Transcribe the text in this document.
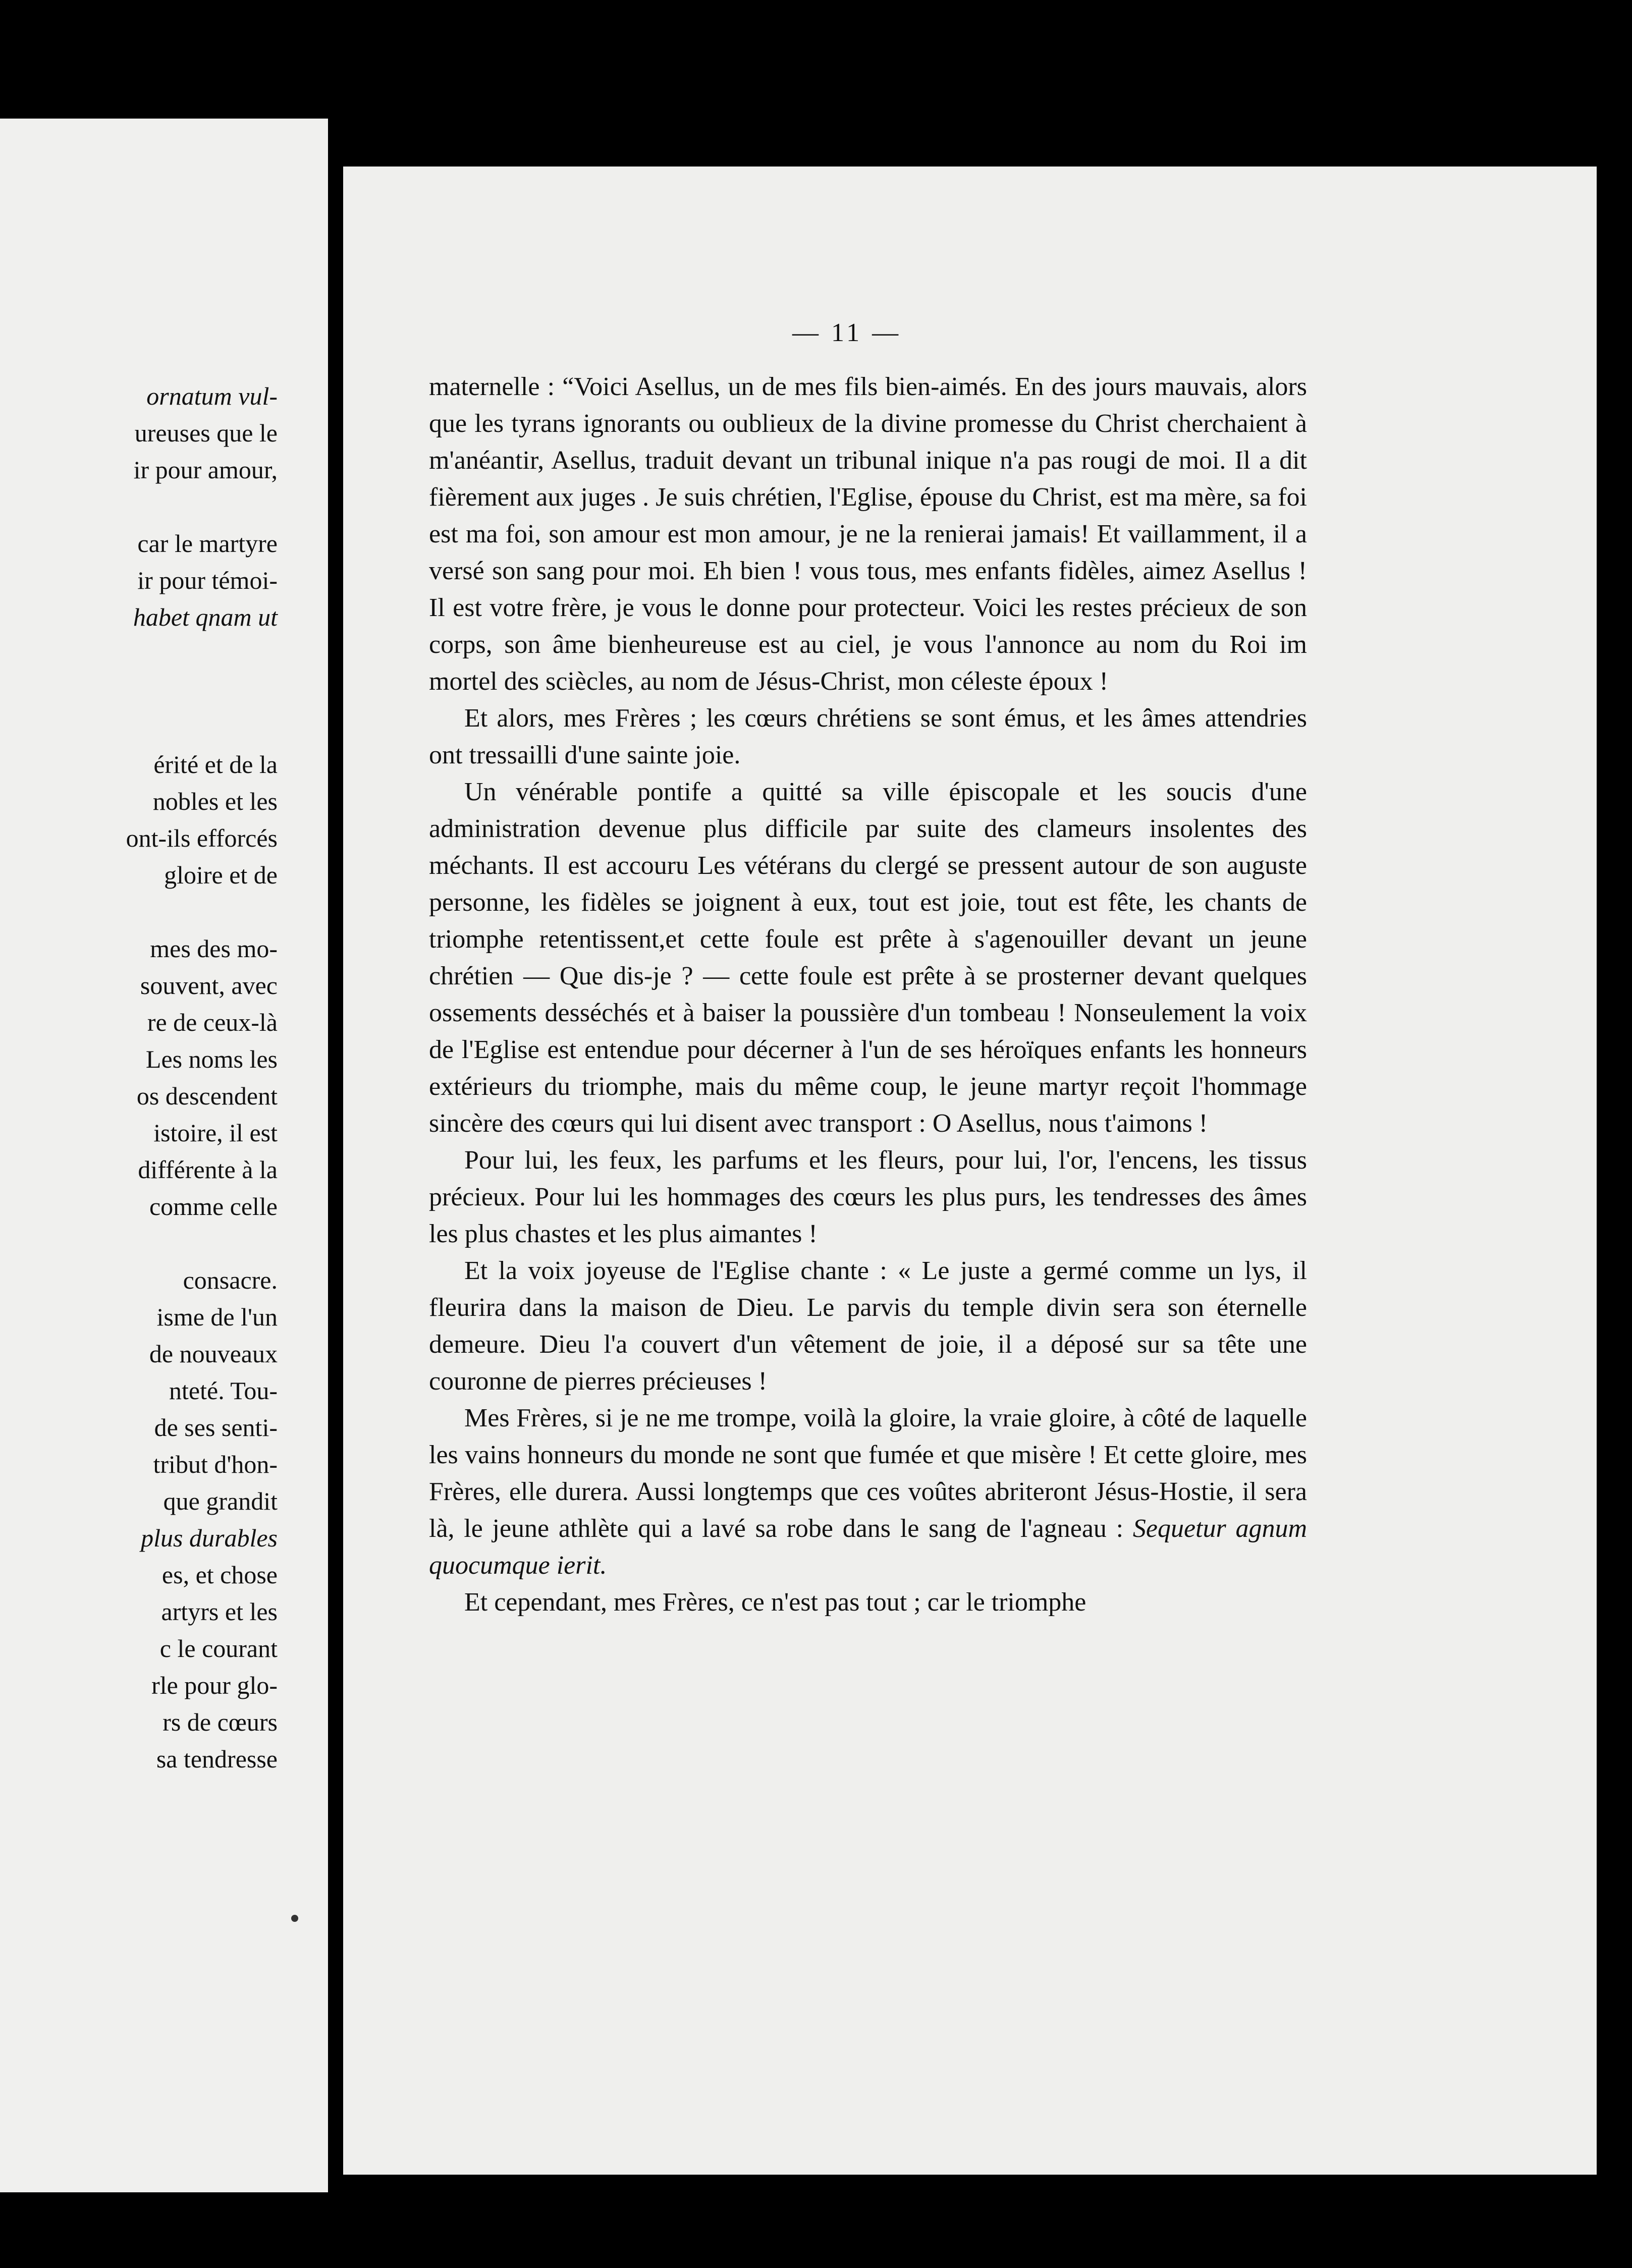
ornatum vul-
ureuses que le
ir pour amour,
car le martyre
ir pour témoi-
habet qnam ut
érité et de la
nobles et les
ont-ils efforcés
gloire et de
mes des mo-
souvent, avec
re de ceux-là
Les noms les
os descendent
istoire, il est
différente à la
comme celle
consacre.
isme de l'un
de nouveaux
nteté. Tou-
de ses senti-
tribut d'hon-
que grandit
plus durables
es, et chose
artyrs et les
c le courant
rle pour glo-
rs de cœurs
sa tendresse
— 11 —

maternelle : “Voici Asellus, un de mes fils bien-aimés. En des jours mauvais, alors que les tyrans ignorants ou oublieux de la divine promesse du Christ cherchaient à m'anéantir, Asellus, traduit devant un tribunal inique n'a pas rougi de moi. Il a dit fièrement aux juges . Je suis chrétien, l'Eglise, épouse du Christ, est ma mère, sa foi est ma foi, son amour est mon amour, je ne la renierai jamais! Et vaillamment, il a versé son sang pour moi. Eh bien ! vous tous, mes enfants fidèles, aimez Asellus ! Il est votre frère, je vous le donne pour protecteur. Voici les restes précieux de son corps, son âme bienheureuse est au ciel, je vous l'annonce au nom du Roi im mortel des sciècles, au nom de Jésus-Christ, mon céleste époux !

Et alors, mes Frères ; les cœurs chrétiens se sont émus, et les âmes attendries ont tressailli d'une sainte joie.

Un vénérable pontife a quitté sa ville épiscopale et les soucis d'une administration devenue plus difficile par suite des clameurs insolentes des méchants. Il est accouru Les vétérans du clergé se pressent autour de son auguste personne, les fidèles se joignent à eux, tout est joie, tout est fête, les chants de triomphe retentissent,et cette foule est prête à s'agenouiller devant un jeune chrétien — Que dis-je ? — cette foule est prête à se prosterner devant quelques ossements desséchés et à baiser la poussière d'un tombeau ! Nonseulement la voix de l'Eglise est entendue pour décerner à l'un de ses héroïques enfants les honneurs extérieurs du triomphe, mais du même coup, le jeune martyr reçoit l'hommage sincère des cœurs qui lui disent avec transport : O Asellus, nous t'aimons !

Pour lui, les feux, les parfums et les fleurs, pour lui, l'or, l'encens, les tissus précieux. Pour lui les hommages des cœurs les plus purs, les tendresses des âmes les plus chastes et les plus aimantes !

Et la voix joyeuse de l'Eglise chante : « Le juste a germé comme un lys, il fleurira dans la maison de Dieu. Le parvis du temple divin sera son éternelle demeure. Dieu l'a couvert d'un vêtement de joie, il a déposé sur sa tête une couronne de pierres précieuses !

Mes Frères, si je ne me trompe, voilà la gloire, la vraie gloire, à côté de laquelle les vains honneurs du monde ne sont que fumée et que misère ! Et cette gloire, mes Frères, elle durera. Aussi longtemps que ces voûtes abriteront Jésus-Hostie, il sera là, le jeune athlète qui a lavé sa robe dans le sang de l'agneau : Sequetur agnum quocumque ierit.

Et cependant, mes Frères, ce n'est pas tout ; car le triomphe
